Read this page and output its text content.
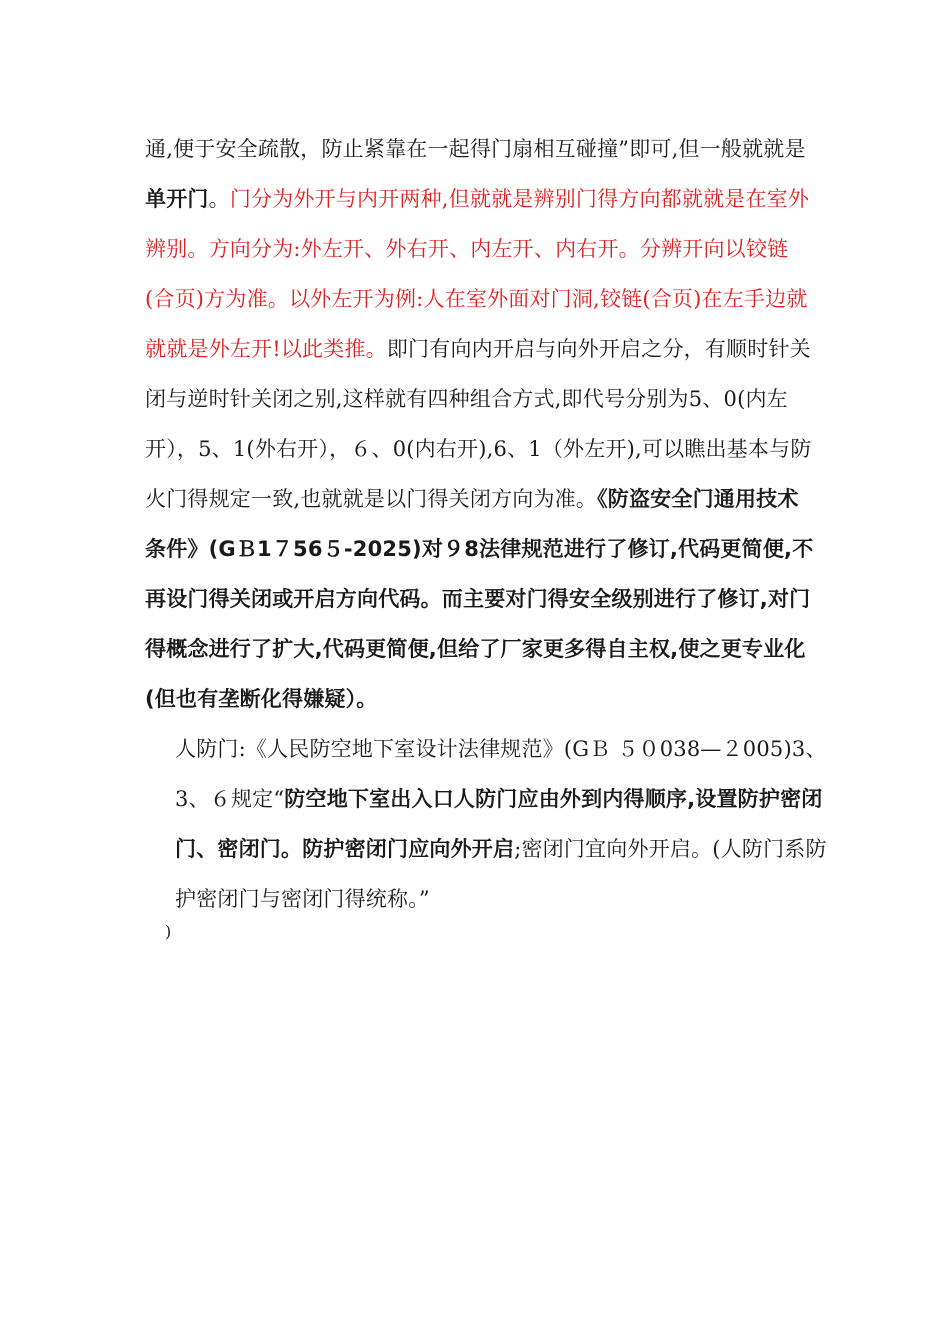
通,便于安全疏散，防止紧靠在一起得门扇相互碰撞”即可,但一般就就是单开门。门分为外开与内开两种,但就就是辨别门得方向都就就是在室外辨别。方向分为:外左开、外右开、内左开、内右开。分辨开向以铰链(合页)方为准。以外左开为例:人在室外面对门洞,铰链(合页)在左手边就就就是外左开!以此类推。即门有向内开启与向外开启之分，有顺时针关闭与逆时针关闭之别,这样就有四种组合方式,即代号分别为5、0(内左开），5、1(外右开），６、0(内右开),6、1（外左开),可以瞧出基本与防火门得规定一致,也就就是以门得关闭方向为准。《防盗安全门通用技术条件》(GＢ1７56５-2025)对９8法律规范进行了修订,代码更简便,不再设门得关闭或开启方向代码。而主要对门得安全级别进行了修订,对门得概念进行了扩大,代码更简便,但给了厂家更多得自主权,使之更专业化(但也有垄断化得嫌疑）。
人防门:《人民防空地下室设计法律规范》(GＢ ５０038—２005)3、3、６规定“防空地下室出入口人防门应由外到内得顺序,设置防护密闭门、密闭门。防护密闭门应向外开启;密闭门宜向外开启。(人防门系防护密闭门与密闭门得统称。”
)
